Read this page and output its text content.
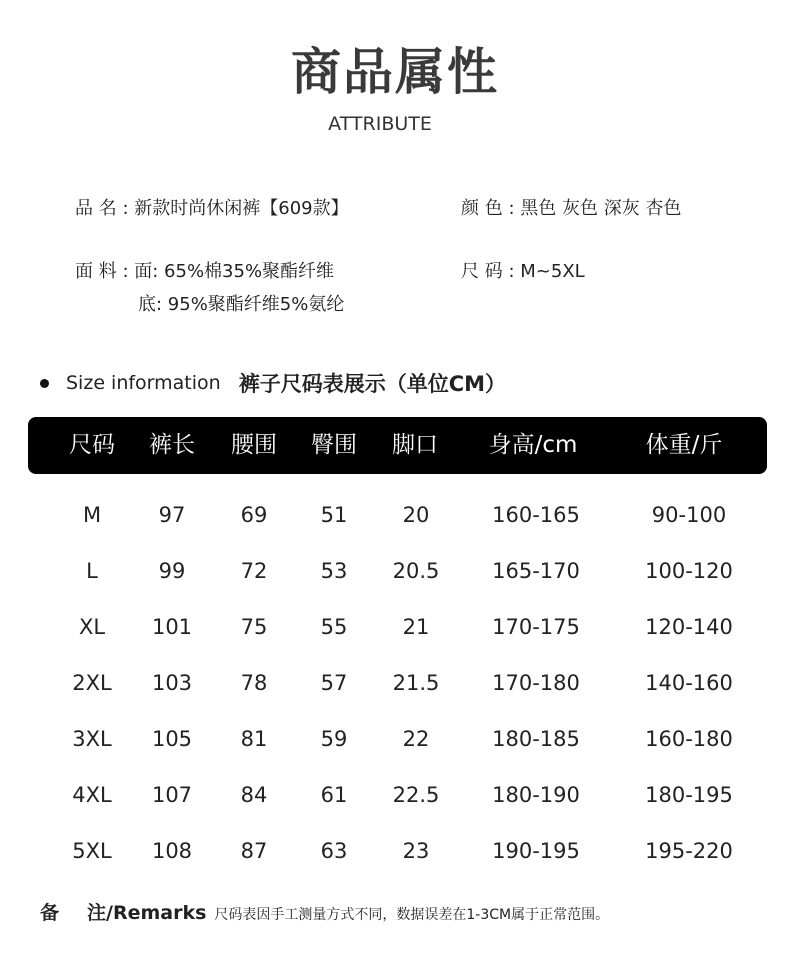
商品属性
ATTRIBUTE
品 名 : 新款时尚休闲裤【609款】	颜 色 : 黑色 灰色 深灰 杏色
面 料 : 面: 65%棉35%聚酯纤维
底: 95%聚酯纤维5%氨纶
尺 码 : M~5XL
Size information 裤子尺码表展示（单位CM）
尺码 裤长 腰围 臀围 脚口 身高/cm	体重/斤
M	97	69	51	20	160-165	90-100
L	99	72	53 20.5	165-170	100-120
XL 101 75	55	21	170-175	120-140
2XL 103 78	57 21.5	170-180	140-160
3XL 105 81	59	22	180-185	160-180
4XL 107 84	61 22.5	180-190	180-195
5XL 108 87	63	23	190-195	195-220
备 注/Remarks 尺码表因手工测量方式不同，数据误差在1-3CM属于正常范围。
